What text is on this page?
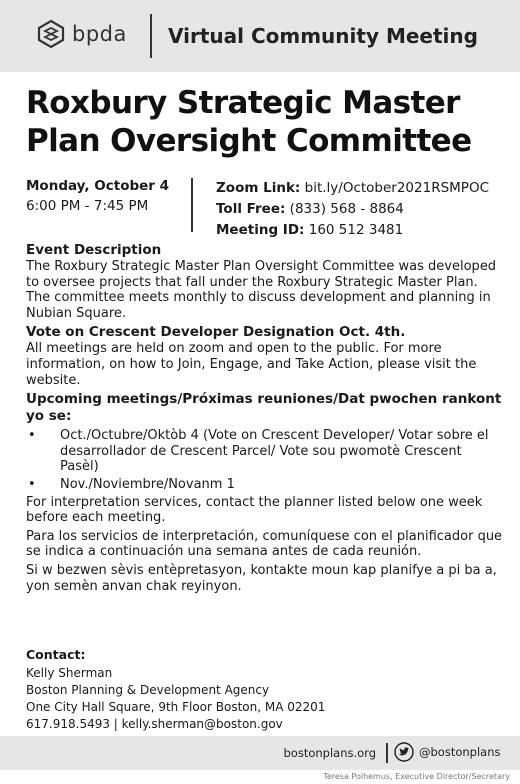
bpda Virtual Community Meeting
Roxbury Strategic Master
Plan Oversight Committee
Monday, October 4
6:00 PM - 7:45 PM
Zoom Link: bit.ly/October2021RSMPOC
Toll Free: (833) 568 - 8864
Meeting ID: 160 512 3481
Event Description

The Roxbury Strategic Master Plan Oversight Committee was developed to oversee projects that fall under the Roxbury Strategic Master Plan. The committee meets monthly to discuss development and planning in Nubian Square.

Vote on Crescent Developer Designation Oct. 4th.

All meetings are held on zoom and open to the public. For more information, on how to Join, Engage, and Take Action, please visit the website.

Upcoming meetings/Próximas reuniones/Dat pwochen rankont yo se:
• Oct./Octubre/Oktòb 4 (Vote on Crescent Developer/ Votar sobre el desarrollador de Crescent Parcel/ Vote sou pwomotè Crescent Pasèl)
• Nov./Noviembre/Novanm 1

For interpretation services, contact the planner listed below one week before each meeting.

Para los servicios de interpretación, comuníquese con el planificador que se indica a continuación una semana antes de cada reunión.

Si w bezwen sèvis entèpretasyon, kontakte moun kap planifye a pi ba a, yon semèn anvan chak reyinyon.

Contact:
Kelly Sherman
Boston Planning & Development Agency
One City Hall Square, 9th Floor Boston, MA 02201
617.918.5493 | kelly.sherman@boston.gov
bostonplans.org	@bostonplans
Teresa Polhemus, Executive Director/Secretary
